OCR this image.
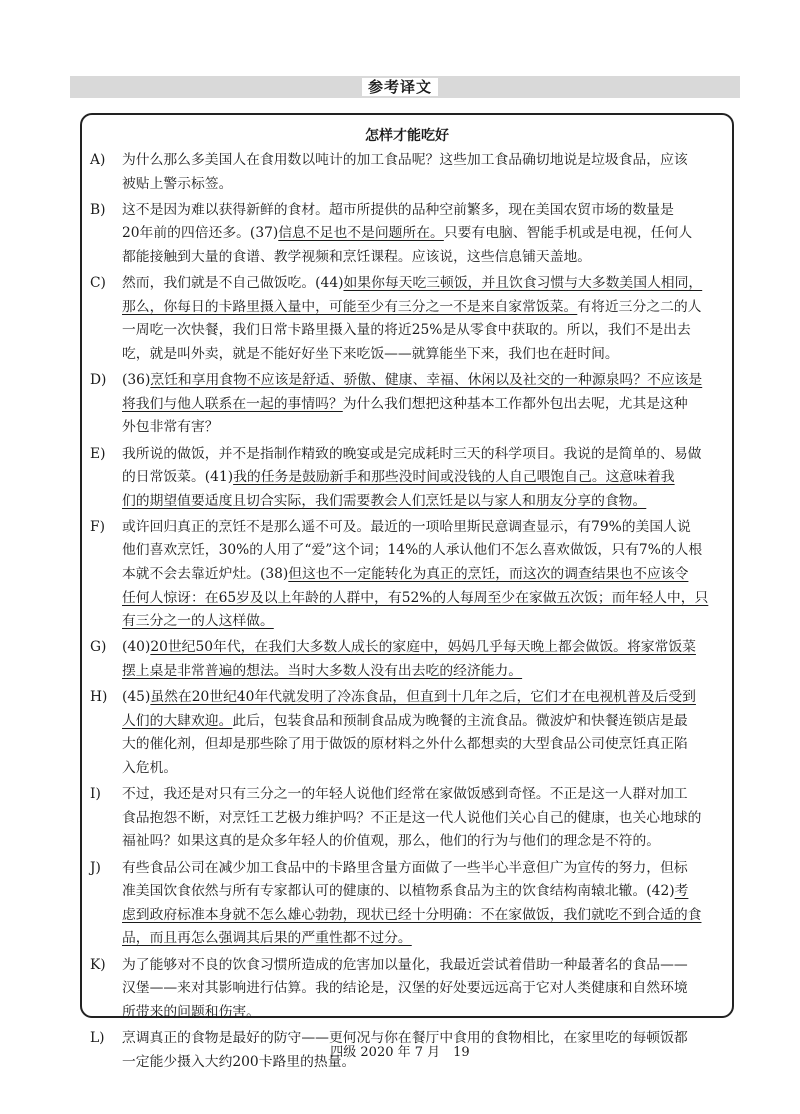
参考译文
怎样才能吃好
A) 为什么那么多美国人在食用数以吨计的加工食品呢？这些加工食品确切地说是垃圾食品，应该
被贴上警示标签。
B) 这不是因为难以获得新鲜的食材。超市所提供的品种空前繁多，现在美国农贸市场的数量是
20年前的四倍还多。(37)信息不足也不是问题所在。只要有电脑、智能手机或是电视，任何人
都能接触到大量的食谱、教学视频和烹饪课程。应该说，这些信息铺天盖地。
C) 然而，我们就是不自己做饭吃。(44)如果你每天吃三顿饭，并且饮食习惯与大多数美国人相同，
那么，你每日的卡路里摄入量中，可能至少有三分之一不是来自家常饭菜。有将近三分之二的人
一周吃一次快餐，我们日常卡路里摄入量的将近25%是从零食中获取的。所以，我们不是出去
吃，就是叫外卖，就是不能好好坐下来吃饭——就算能坐下来，我们也在赶时间。
D) (36)烹饪和享用食物不应该是舒适、骄傲、健康、幸福、休闲以及社交的一种源泉吗？不应该是
将我们与他人联系在一起的事情吗？为什么我们想把这种基本工作都外包出去呢，尤其是这种
外包非常有害？
E) 我所说的做饭，并不是指制作精致的晚宴或是完成耗时三天的科学项目。我说的是简单的、易做
的日常饭菜。(41)我的任务是鼓励新手和那些没时间或没钱的人自己喂饱自己。这意味着我
们的期望值要适度且切合实际，我们需要教会人们烹饪是以与家人和朋友分享的食物。
F) 或许回归真正的烹饪不是那么遥不可及。最近的一项哈里斯民意调查显示，有79%的美国人说
他们喜欢烹饪，30%的人用了“爱”这个词；14%的人承认他们不怎么喜欢做饭，只有7%的人根
本就不会去靠近炉灶。(38)但这也不一定能转化为真正的烹饪，而这次的调查结果也不应该令
任何人惊讶：在65岁及以上年龄的人群中，有52%的人每周至少在家做五次饭；而年轻人中，只
有三分之一的人这样做。
G) (40)20世纪50年代，在我们大多数人成长的家庭中，妈妈几乎每天晚上都会做饭。将家常饭菜
摆上桌是非常普遍的想法。当时大多数人没有出去吃的经济能力。
H) (45)虽然在20世纪40年代就发明了冷冻食品，但直到十几年之后，它们才在电视机普及后受到
人们的大肆欢迎。此后，包装食品和预制食品成为晚餐的主流食品。微波炉和快餐连锁店是最
大的催化剂，但却是那些除了用于做饭的原材料之外什么都想卖的大型食品公司使烹饪真正陷
入危机。
I) 不过，我还是对只有三分之一的年轻人说他们经常在家做饭感到奇怪。不正是这一人群对加工
食品抱怨不断，对烹饪工艺极力维护吗？不正是这一代人说他们关心自己的健康，也关心地球的
福祉吗？如果这真的是众多年轻人的价值观，那么，他们的行为与他们的理念是不符的。
J) 有些食品公司在减少加工食品中的卡路里含量方面做了一些半心半意但广为宣传的努力，但标
准美国饮食依然与所有专家都认可的健康的、以植物系食品为主的饮食结构南辕北辙。(42)考
虑到政府标准本身就不怎么雄心勃勃，现状已经十分明确：不在家做饭，我们就吃不到合适的食
品，而且再怎么强调其后果的严重性都不过分。
K) 为了能够对不良的饮食习惯所造成的危害加以量化，我最近尝试着借助一种最著名的食品——
汉堡——来对其影响进行估算。我的结论是，汉堡的好处要远远高于它对人类健康和自然环境
所带来的问题和伤害。
L) 烹调真正的食物是最好的防守——更何况与你在餐厅中食用的食物相比，在家里吃的每顿饭都
一定能少摄入大约200卡路里的热量。
四级 2020 年 7 月　19
